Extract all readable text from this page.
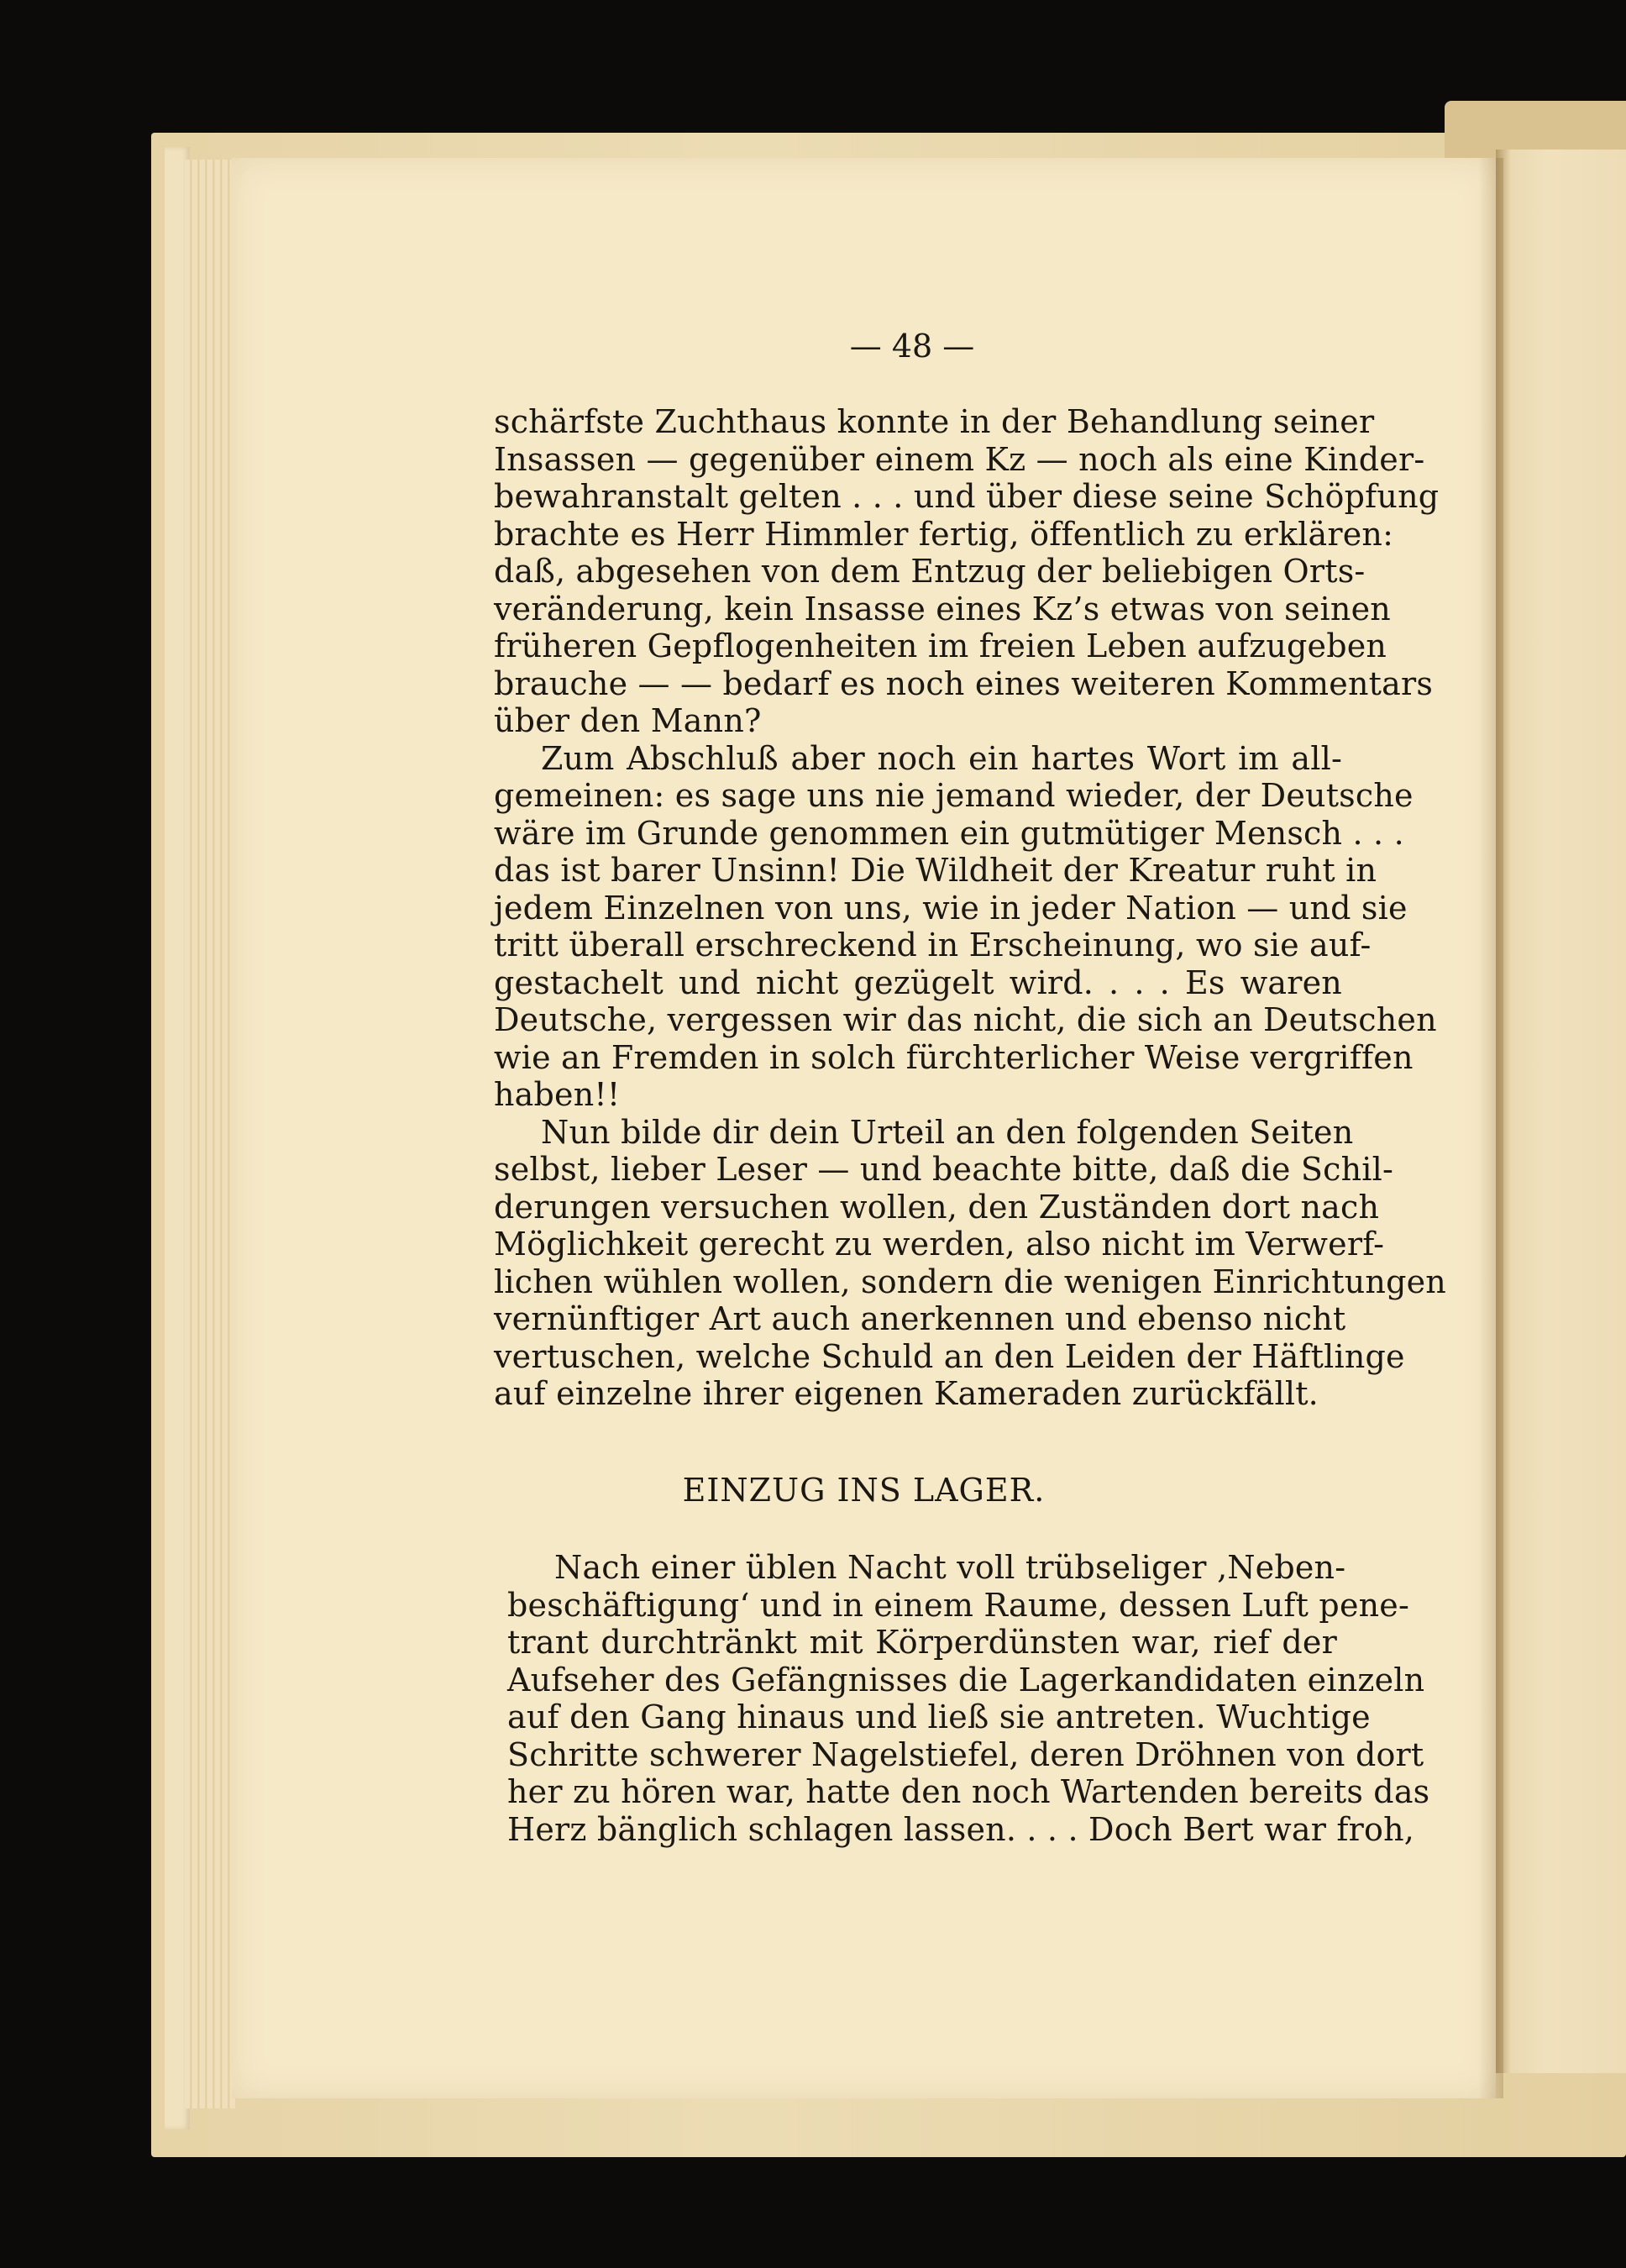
— 48 —
schärfste Zuchthaus konnte in der Behandlung seiner
Insassen — gegenüber einem Kz — noch als eine Kinder-
bewahranstalt gelten . . . und über diese seine Schöpfung
brachte es Herr Himmler fertig, öffentlich zu erklären:
daß, abgesehen von dem Entzug der beliebigen Orts-
veränderung, kein Insasse eines Kz’s etwas von seinen
früheren Gepflogenheiten im freien Leben aufzugeben
brauche — — bedarf es noch eines weiteren Kommentars
über den Mann?
Zum Abschluß aber noch ein hartes Wort im all-
gemeinen: es sage uns nie jemand wieder, der Deutsche
wäre im Grunde genommen ein gutmütiger Mensch . . .
das ist barer Unsinn! Die Wildheit der Kreatur ruht in
jedem Einzelnen von uns, wie in jeder Nation — und sie
tritt überall erschreckend in Erscheinung, wo sie auf-
gestachelt und nicht gezügelt wird. . . . Es waren
Deutsche, vergessen wir das nicht, die sich an Deutschen
wie an Fremden in solch fürchterlicher Weise vergriffen
haben!!
Nun bilde dir dein Urteil an den folgenden Seiten
selbst, lieber Leser — und beachte bitte, daß die Schil-
derungen versuchen wollen, den Zuständen dort nach
Möglichkeit gerecht zu werden, also nicht im Verwerf-
lichen wühlen wollen, sondern die wenigen Einrichtungen
vernünftiger Art auch anerkennen und ebenso nicht
vertuschen, welche Schuld an den Leiden der Häftlinge
auf einzelne ihrer eigenen Kameraden zurückfällt.
Nach einer üblen Nacht voll trübseliger ‚Neben-
beschäftigung‘ und in einem Raume, dessen Luft pene-
trant durchtränkt mit Körperdünsten war, rief der
Aufseher des Gefängnisses die Lagerkandidaten einzeln
auf den Gang hinaus und ließ sie antreten. Wuchtige
Schritte schwerer Nagelstiefel, deren Dröhnen von dort
her zu hören war, hatte den noch Wartenden bereits das
Herz bänglich schlagen lassen. . . . Doch Bert war froh,
EINZUG INS LAGER.
